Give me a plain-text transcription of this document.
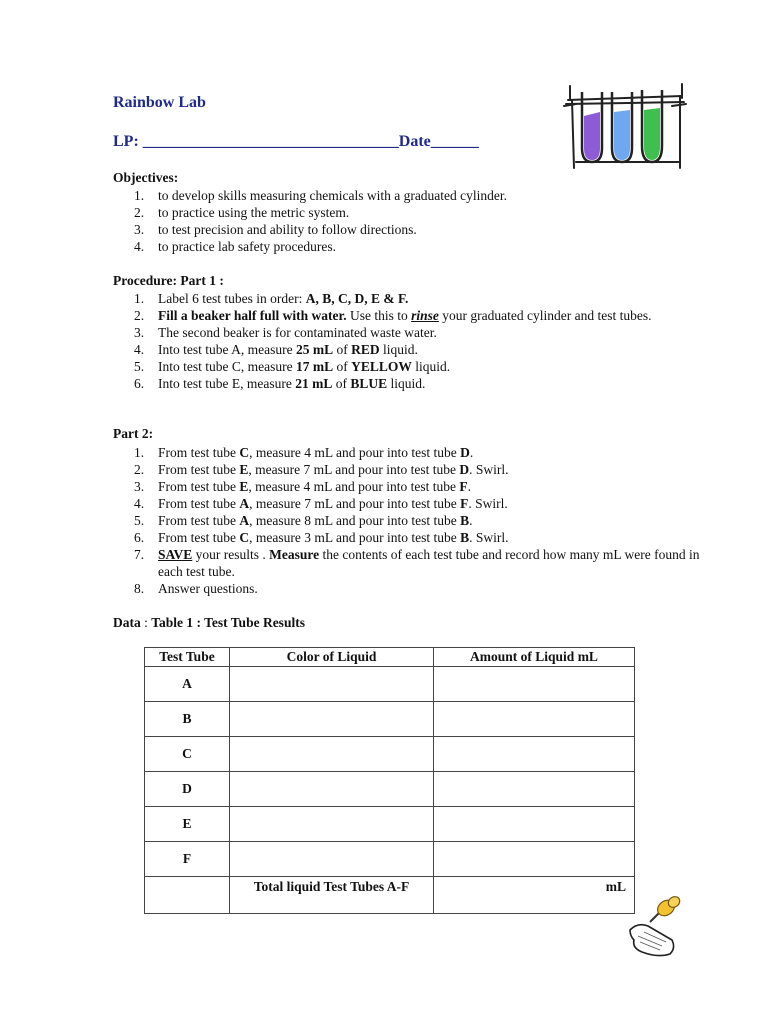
Rainbow Lab
LP: ________________________________Date______
Objectives:
to develop skills measuring chemicals with a graduated cylinder.
to practice using the metric system.
to test precision and ability to follow directions.
to practice lab safety procedures.
Procedure: Part 1 :
Label 6 test tubes in order: A, B, C, D, E & F.
Fill a beaker half full with water. Use this to rinse your graduated cylinder and test tubes.
The second beaker is for contaminated waste water.
Into test tube A, measure 25 mL of RED liquid.
Into test tube C, measure 17 mL of YELLOW liquid.
Into test tube E, measure 21 mL of BLUE liquid.
Part 2:
From test tube C, measure 4 mL and pour into test tube D.
From test tube E, measure 7 mL and pour into test tube D. Swirl.
From test tube E, measure 4 mL and pour into test tube F.
From test tube A, measure 7 mL and pour into test tube F. Swirl.
From test tube A, measure 8 mL and pour into test tube B.
From test tube C, measure 3 mL and pour into test tube B. Swirl.
SAVE your results . Measure the contents of each test tube and record how many mL were found in each test tube.
Answer questions.
Data : Table 1 : Test Tube Results
Test Tube	Color of Liquid	Amount of Liquid mL
A		
B		
C		
D		
E		
F		
	Total liquid Test Tubes A-F	mL
